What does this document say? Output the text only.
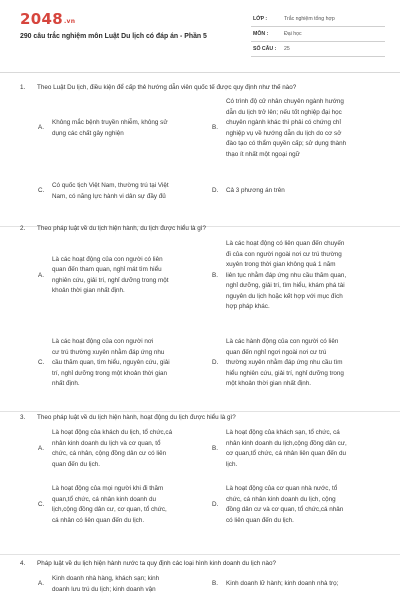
2048.vn
290 câu trắc nghiệm môn Luật Du lịch có đáp án - Phần 5
LỚP :	Trắc nghiệm tổng hợp
MÔN :	Đại học
SỐ CÂU : 25
1. Theo Luật Du lịch, điều kiện để cấp thẻ hướng dẫn viên quốc tế được quy định như thế nào?
A.
Không mắc bệnh truyền nhiễm, không sử
dụng các chất gây nghiện
B.
Có trình độ cử nhân chuyên ngành hướng
dẫn du lịch trở lên; nếu tốt nghiệp đại học
chuyên ngành khác thì phải có chứng chỉ
nghiệp vụ về hướng dẫn du lịch do cơ sở
đào tạo có thẩm quyền cấp; sử dụng thành
thạo ít nhất một ngoại ngữ
C.
Có quốc tịch Việt Nam, thường trú tại Việt
Nam, có năng lực hành vi dân sự đầy đủ
D. Cả 3 phương án trên
2. Theo pháp luật về du lịch hiện hành, du lịch được hiểu là gì?
A.
Là các hoạt động của con người có liên
quan đến tham quan, nghỉ mát tìm hiểu
nghiên cứu, giải trí, nghỉ dưỡng trong một
khoản thời gian nhất định.
B.
Là các hoạt động có liên quan đến chuyến
đi của con người ngoài nơi cư trú thường
xuyên trong thời gian không quá 1 năm
liên tục nhằm đáp ứng nhu cầu thăm quan,
nghỉ dưỡng, giải trí, tìm hiểu, khám phá tài
nguyên du lịch hoặc kết hợp với mục đích
hợp pháp khác.
C.
Là các hoạt động của con người nơi
cư trú thường xuyên nhằm đáp ứng nhu
cầu thăm quan, tìm hiểu, nguyên cứu, giải
trí, nghỉ dưỡng trong một khoản thời gian
nhất định.
D.
Là các hành động của con người có liên
quan đến nghỉ ngơi ngoài nơi cư trú
thường xuyên nhằm đáp ứng nhu cầu tìm
hiểu nghiên cứu, giải trí, nghỉ dưỡng trong
một khoản thời gian nhất định.
3. Theo pháp luật về du lịch hiện hành, hoạt động du lịch được hiểu là gì?
A.
Là hoạt động của khách du lịch, tổ chức,cá
nhân kinh doanh du lịch và cơ quan, tổ
chức, cá nhân, cộng đồng dân cư có liên
quan đến du lịch.
B.
Là hoạt động của khách sạn, tổ chức, cá
nhân kinh doanh du lịch,cộng đồng dân cư,
cơ quan,tổ chức, cá nhân liên quan đến du
lịch.
C.
Là hoạt động của mọi người khi đi thăm
quan,tổ chức, cá nhân kinh doanh du
lịch,cộng đồng dân cư, cơ quan, tổ chức,
cá nhân có liên quan đến du lịch.
D.
Là hoạt động của cơ quan nhà nước, tổ
chức, cá nhân kinh doanh du lịch, cộng
đồng dân cư và cơ quan, tổ chức,cá nhân
có liên quan đến du lịch.
4. Pháp luật về du lịch hiện hành nước ta quy định các loại hình kinh doanh du lịch nào?
A.
Kinh doanh nhà hàng, khách sạn; kinh
doanh lưu trú du lịch; kinh doanh vận
B. Kinh doanh lữ hành; kinh doanh nhà trọ;
